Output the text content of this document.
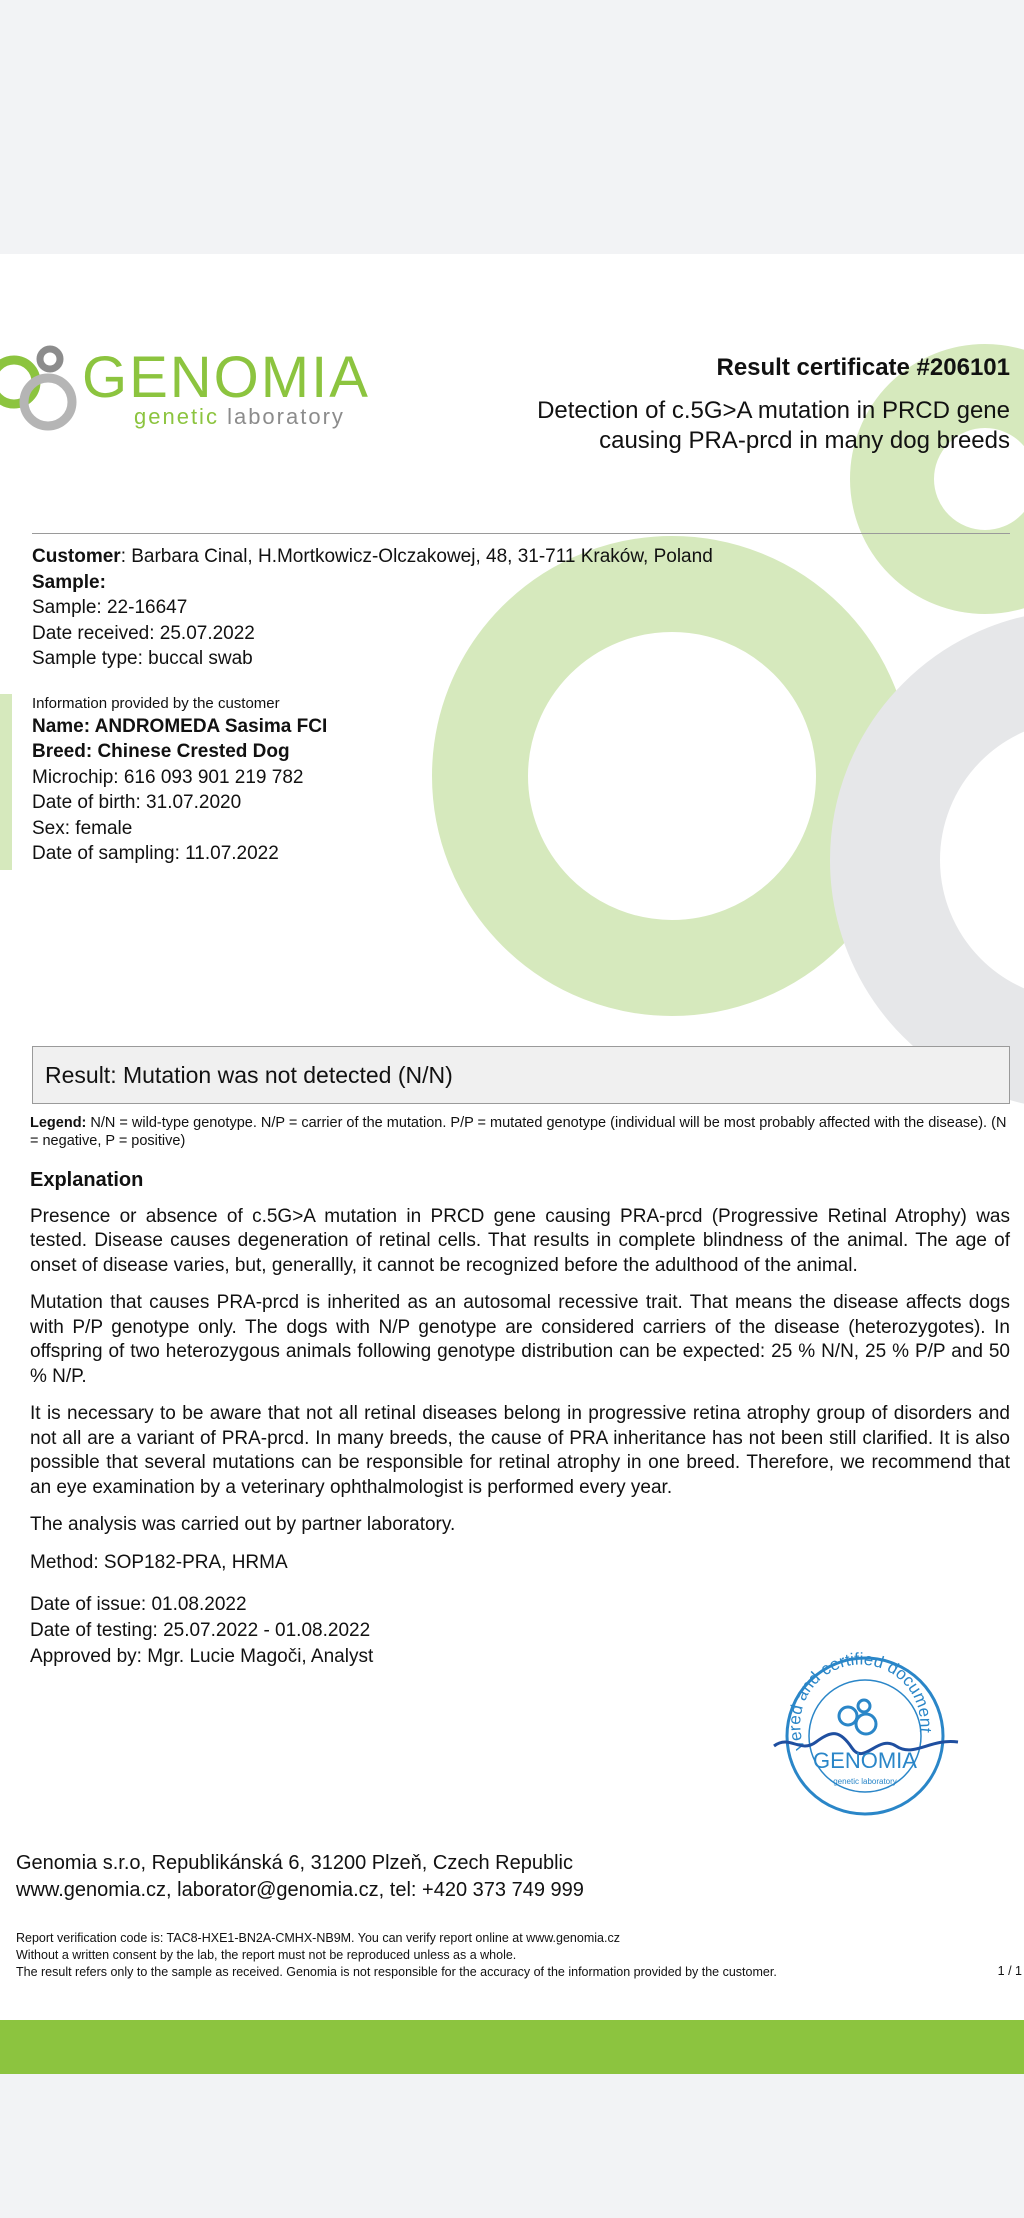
GENOMIA
genetic laboratory
Result certificate #206101
Detection of c.5G>A mutation in PRCD gene causing PRA-prcd in many dog breeds
Customer: Barbara Cinal, H.Mortkowicz-Olczakowej, 48, 31-711 Kraków, Poland
Sample:
Sample: 22-16647
Date received: 25.07.2022
Sample type: buccal swab
Information provided by the customer
Name: ANDROMEDA Sasima FCI
Breed: Chinese Crested Dog
Microchip: 616 093 901 219 782
Date of birth: 31.07.2020
Sex: female
Date of sampling: 11.07.2022
Result: Mutation was not detected (N/N)
Legend: N/N = wild-type genotype. N/P = carrier of the mutation. P/P = mutated genotype (individual will be most probably affected with the disease). (N = negative, P = positive)
Explanation

Presence or absence of c.5G>A mutation in PRCD gene causing PRA-prcd (Progressive Retinal Atrophy) was tested. Disease causes degeneration of retinal cells. That results in complete blindness of the animal. The age of onset of disease varies, but, generallly, it cannot be recognized before the adulthood of the animal.

Mutation that causes PRA-prcd is inherited as an autosomal recessive trait. That means the disease affects dogs with P/P genotype only. The dogs with N/P genotype are considered carriers of the disease (heterozygotes). In offspring of two heterozygous animals following genotype distribution can be expected: 25 % N/N, 25 % P/P and 50 % N/P.

It is necessary to be aware that not all retinal diseases belong in progressive retina atrophy group of disorders and not all are a variant of PRA-prcd. In many breeds, the cause of PRA inheritance has not been still clarified. It is also possible that several mutations can be responsible for retinal atrophy in one breed. Therefore, we recommend that an eye examination by a veterinary ophthalmologist is performed every year.

The analysis was carried out by partner laboratory.

Method: SOP182-PRA, HRMA

Date of issue: 01.08.2022
Date of testing: 25.07.2022 - 01.08.2022
Approved by: Mgr. Lucie Magoči, Analyst
vered and certified document
GENOMIA
genetic laboratory
Genomia s.r.o, Republikánská 6, 31200 Plzeň, Czech Republic
www.genomia.cz, laborator@genomia.cz, tel: +420 373 749 999
Report verification code is: TAC8-HXE1-BN2A-CMHX-NB9M. You can verify report online at www.genomia.cz
Without a written consent by the lab, the report must not be reproduced unless as a whole.
The result refers only to the sample as received. Genomia is not responsible for the accuracy of the information provided by the customer.	1 / 1
